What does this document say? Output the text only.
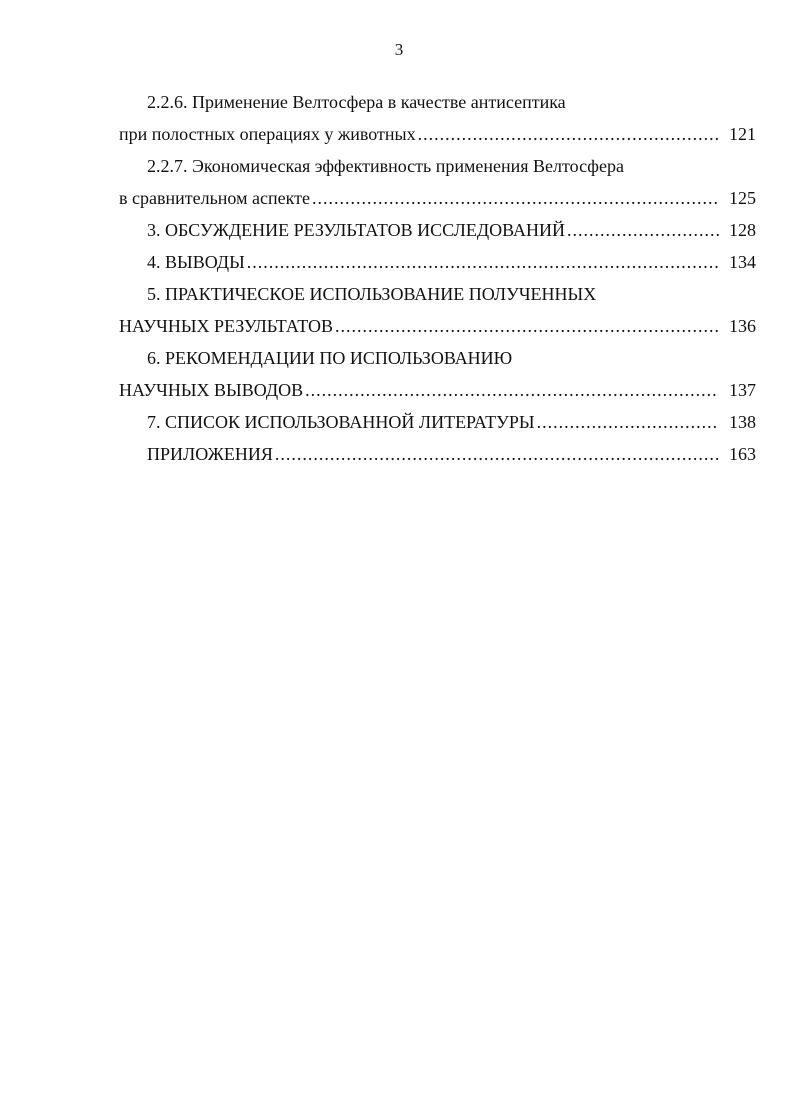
3
2.2.6. Применение Велтосфера в качестве антисептика
при полостных операциях у животных .....	121
2.2.7. Экономическая эффективность применения Велтосфера
в сравнительном аспекте .....	125
3. ОБСУЖДЕНИЕ РЕЗУЛЬТАТОВ ИССЛЕДОВАНИЙ .....	128
4. ВЫВОДЫ .....	134
5. ПРАКТИЧЕСКОЕ ИСПОЛЬЗОВАНИЕ ПОЛУЧЕННЫХ
НАУЧНЫХ РЕЗУЛЬТАТОВ .....	136
6. РЕКОМЕНДАЦИИ ПО ИСПОЛЬЗОВАНИЮ
НАУЧНЫХ ВЫВОДОВ .....	137
7. СПИСОК ИСПОЛЬЗОВАННОЙ ЛИТЕРАТУРЫ .....	138
ПРИЛОЖЕНИЯ .....	163
